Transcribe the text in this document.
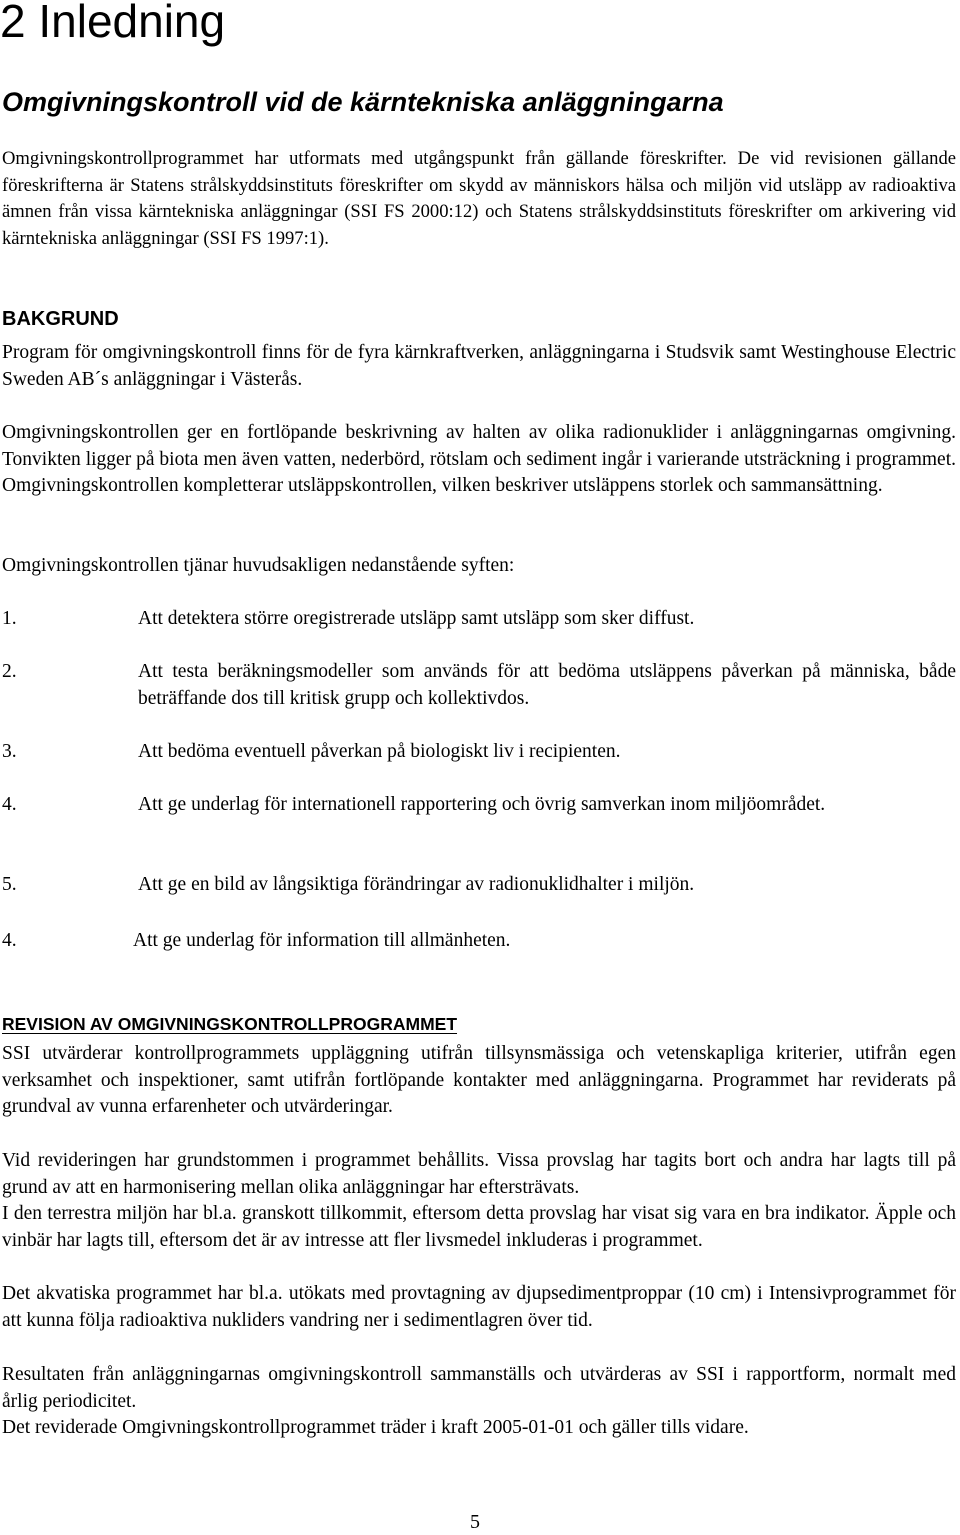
2 Inledning
Omgivningskontroll vid de kärntekniska anläggningarna

Omgivningskontrollprogrammet har utformats med utgångspunkt från gällande föreskrifter. De vid revisionen gällande föreskrifterna är Statens strålskyddsinstituts föreskrifter om skydd av människors hälsa och miljön vid utsläpp av radioaktiva ämnen från vissa kärntekniska anläggningar (SSI FS 2000:12) och Statens strålskyddsinstituts föreskrifter om arkivering vid kärntekniska anläggningar (SSI FS 1997:1).

BAKGRUND

Program för omgivningskontroll finns för de fyra kärnkraftverken, anläggningarna i Studsvik samt Westinghouse Electric Sweden AB´s anläggningar i Västerås.

Omgivningskontrollen ger en fortlöpande beskrivning av halten av olika radionuklider i anläggningarnas omgivning. Tonvikten ligger på biota men även vatten, nederbörd, rötslam och sediment ingår i varierande utsträckning i programmet. Omgivningskontrollen kompletterar utsläppskontrollen, vilken beskriver utsläppens storlek och sammansättning.

Omgivningskontrollen tjänar huvudsakligen nedanstående syften:

1.	Att detektera större oregistrerade utsläpp samt utsläpp som sker diffust.

2.	Att testa beräkningsmodeller som används för att bedöma utsläppens påverkan på människa, både beträffande dos till kritisk grupp och kollektivdos.

3.	Att bedöma eventuell påverkan på biologiskt liv i recipienten.

4.	Att ge underlag för internationell rapportering och övrig samverkan inom miljöområdet.

5.	Att ge en bild av långsiktiga förändringar av radionuklidhalter i miljön.

4.	Att ge underlag för information till allmänheten.

REVISION AV OMGIVNINGSKONTROLLPROGRAMMET

SSI utvärderar kontrollprogrammets uppläggning utifrån tillsynsmässiga och vetenskapliga kriterier, utifrån egen verksamhet och inspektioner, samt utifrån fortlöpande kontakter med anläggningarna. Programmet har reviderats på grundval av vunna erfarenheter och utvärderingar.

Vid revideringen har grundstommen i programmet behållits. Vissa provslag har tagits bort och andra har lagts till på grund av att en harmonisering mellan olika anläggningar har eftersträvats.

I den terrestra miljön har bl.a. granskott tillkommit, eftersom detta provslag har visat sig vara en bra indikator. Äpple och vinbär har lagts till, eftersom det är av intresse att fler livsmedel inkluderas i programmet.

Det akvatiska programmet har bl.a. utökats med provtagning av djupsedimentproppar (10 cm) i Intensivprogrammet för att kunna följa radioaktiva nukliders vandring ner i sedimentlagren över tid.

Resultaten från anläggningarnas omgivningskontroll sammanställs och utvärderas av SSI i rapportform, normalt med årlig periodicitet.

Det reviderade Omgivningskontrollprogrammet träder i kraft 2005-01-01 och gäller tills vidare.

5
